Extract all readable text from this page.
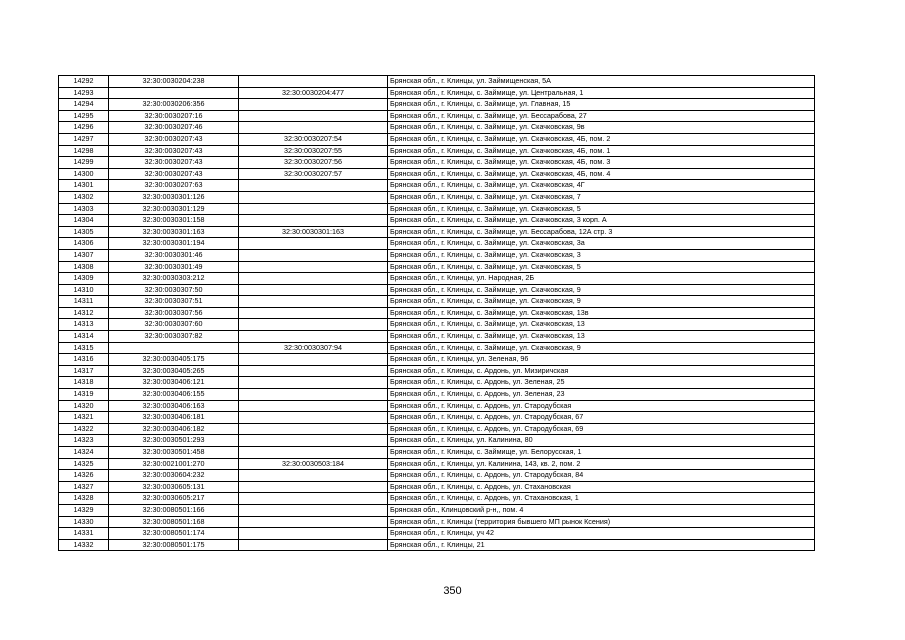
14292	32:30:0030204:238		Брянская обл., г. Клинцы, ул. Займищенская, 5А
14293		32:30:0030204:477	Брянская обл., г. Клинцы, с. Займище, ул. Центральная, 1
14294	32:30:0030206:356		Брянская обл., г. Клинцы, с. Займище, ул. Главная, 15
14295	32:30:0030207:16		Брянская обл., г. Клинцы, с. Займище, ул. Бессарабова, 27
14296	32:30:0030207:46		Брянская обл., г. Клинцы, с. Займище, ул. Скачковская, 9в
14297	32:30:0030207:43	32:30:0030207:54	Брянская обл., г. Клинцы, с. Займище, ул. Скачковская, 4Б, пом. 2
14298	32:30:0030207:43	32:30:0030207:55	Брянская обл., г. Клинцы, с. Займище, ул. Скачковская, 4Б, пом. 1
14299	32:30:0030207:43	32:30:0030207:56	Брянская обл., г. Клинцы, с. Займище, ул. Скачковская, 4Б, пом. 3
14300	32:30:0030207:43	32:30:0030207:57	Брянская обл., г. Клинцы, с. Займище, ул. Скачковская, 4Б, пом. 4
14301	32:30:0030207:63		Брянская обл., г. Клинцы, с. Займище, ул. Скачковская, 4Г
14302	32:30:0030301:126		Брянская обл., г. Клинцы, с. Займище, ул. Скачковская, 7
14303	32:30:0030301:129		Брянская обл., г. Клинцы, с. Займище, ул. Скачковская, 5
14304	32:30:0030301:158		Брянская обл., г. Клинцы, с. Займище, ул. Скачковская, 3 корп. А
14305	32:30:0030301:163	32:30:0030301:163	Брянская обл., г. Клинцы, с. Займище, ул. Бессарабова, 12А стр. 3
14306	32:30:0030301:194		Брянская обл., г. Клинцы, с. Займище, ул. Скачковская, 3а
14307	32:30:0030301:46		Брянская обл., г. Клинцы, с. Займище, ул. Скачковская, 3
14308	32:30:0030301:49		Брянская обл., г. Клинцы, с. Займище, ул. Скачковская, 5
14309	32:30:0030303:212		Брянская обл., г. Клинцы, ул. Народная, 2Б
14310	32:30:0030307:50		Брянская обл., г. Клинцы, с. Займище, ул. Скачковская, 9
14311	32:30:0030307:51		Брянская обл., г. Клинцы, с. Займище, ул. Скачковская, 9
14312	32:30:0030307:56		Брянская обл., г. Клинцы, с. Займище, ул. Скачковская, 13в
14313	32:30:0030307:60		Брянская обл., г. Клинцы, с. Займище, ул. Скачковская, 13
14314	32:30:0030307:82		Брянская обл., г. Клинцы, с. Займище, ул. Скачковская, 13
14315		32:30:0030307:94	Брянская обл., г. Клинцы, с. Займище, ул. Скачковская, 9
14316	32:30:0030405:175		Брянская обл., г. Клинцы, ул. Зеленая, 96
14317	32:30:0030405:265		Брянская обл., г. Клинцы, с. Ардонь, ул. Мизиричская
14318	32:30:0030406:121		Брянская обл., г. Клинцы, с. Ардонь, ул. Зеленая, 25
14319	32:30:0030406:155		Брянская обл., г. Клинцы, с. Ардонь, ул. Зеленая, 23
14320	32:30:0030406:163		Брянская обл., г. Клинцы, с. Ардонь, ул. Стародубская
14321	32:30:0030406:181		Брянская обл., г. Клинцы, с. Ардонь, ул. Стародубская, 67
14322	32:30:0030406:182		Брянская обл., г. Клинцы, с. Ардонь, ул. Стародубская, 69
14323	32:30:0030501:293		Брянская обл., г. Клинцы, ул. Калинина, 80
14324	32:30:0030501:458		Брянская обл., г. Клинцы, с. Займище, ул. Белорусская, 1
14325	32:30:0021001:270	32:30:0030503:184	Брянская обл., г. Клинцы, ул. Калинина, 143, кв. 2, пом. 2
14326	32:30:0030604:232		Брянская обл., г. Клинцы, с. Ардонь, ул. Стародубская, 84
14327	32:30:0030605:131		Брянская обл., г. Клинцы, с. Ардонь, ул. Стахановская
14328	32:30:0030605:217		Брянская обл., г. Клинцы, с. Ардонь, ул. Стахановская, 1
14329	32:30:0080501:166		Брянская обл., Клинцовский р-н,, пом. 4
14330	32:30:0080501:168		Брянская обл., г. Клинцы (территория бывшего МП рынок Ксения)
14331	32:30:0080501:174		Брянская обл., г. Клинцы, уч 42
14332	32:30:0080501:175		Брянская обл., г. Клинцы, 21
350
